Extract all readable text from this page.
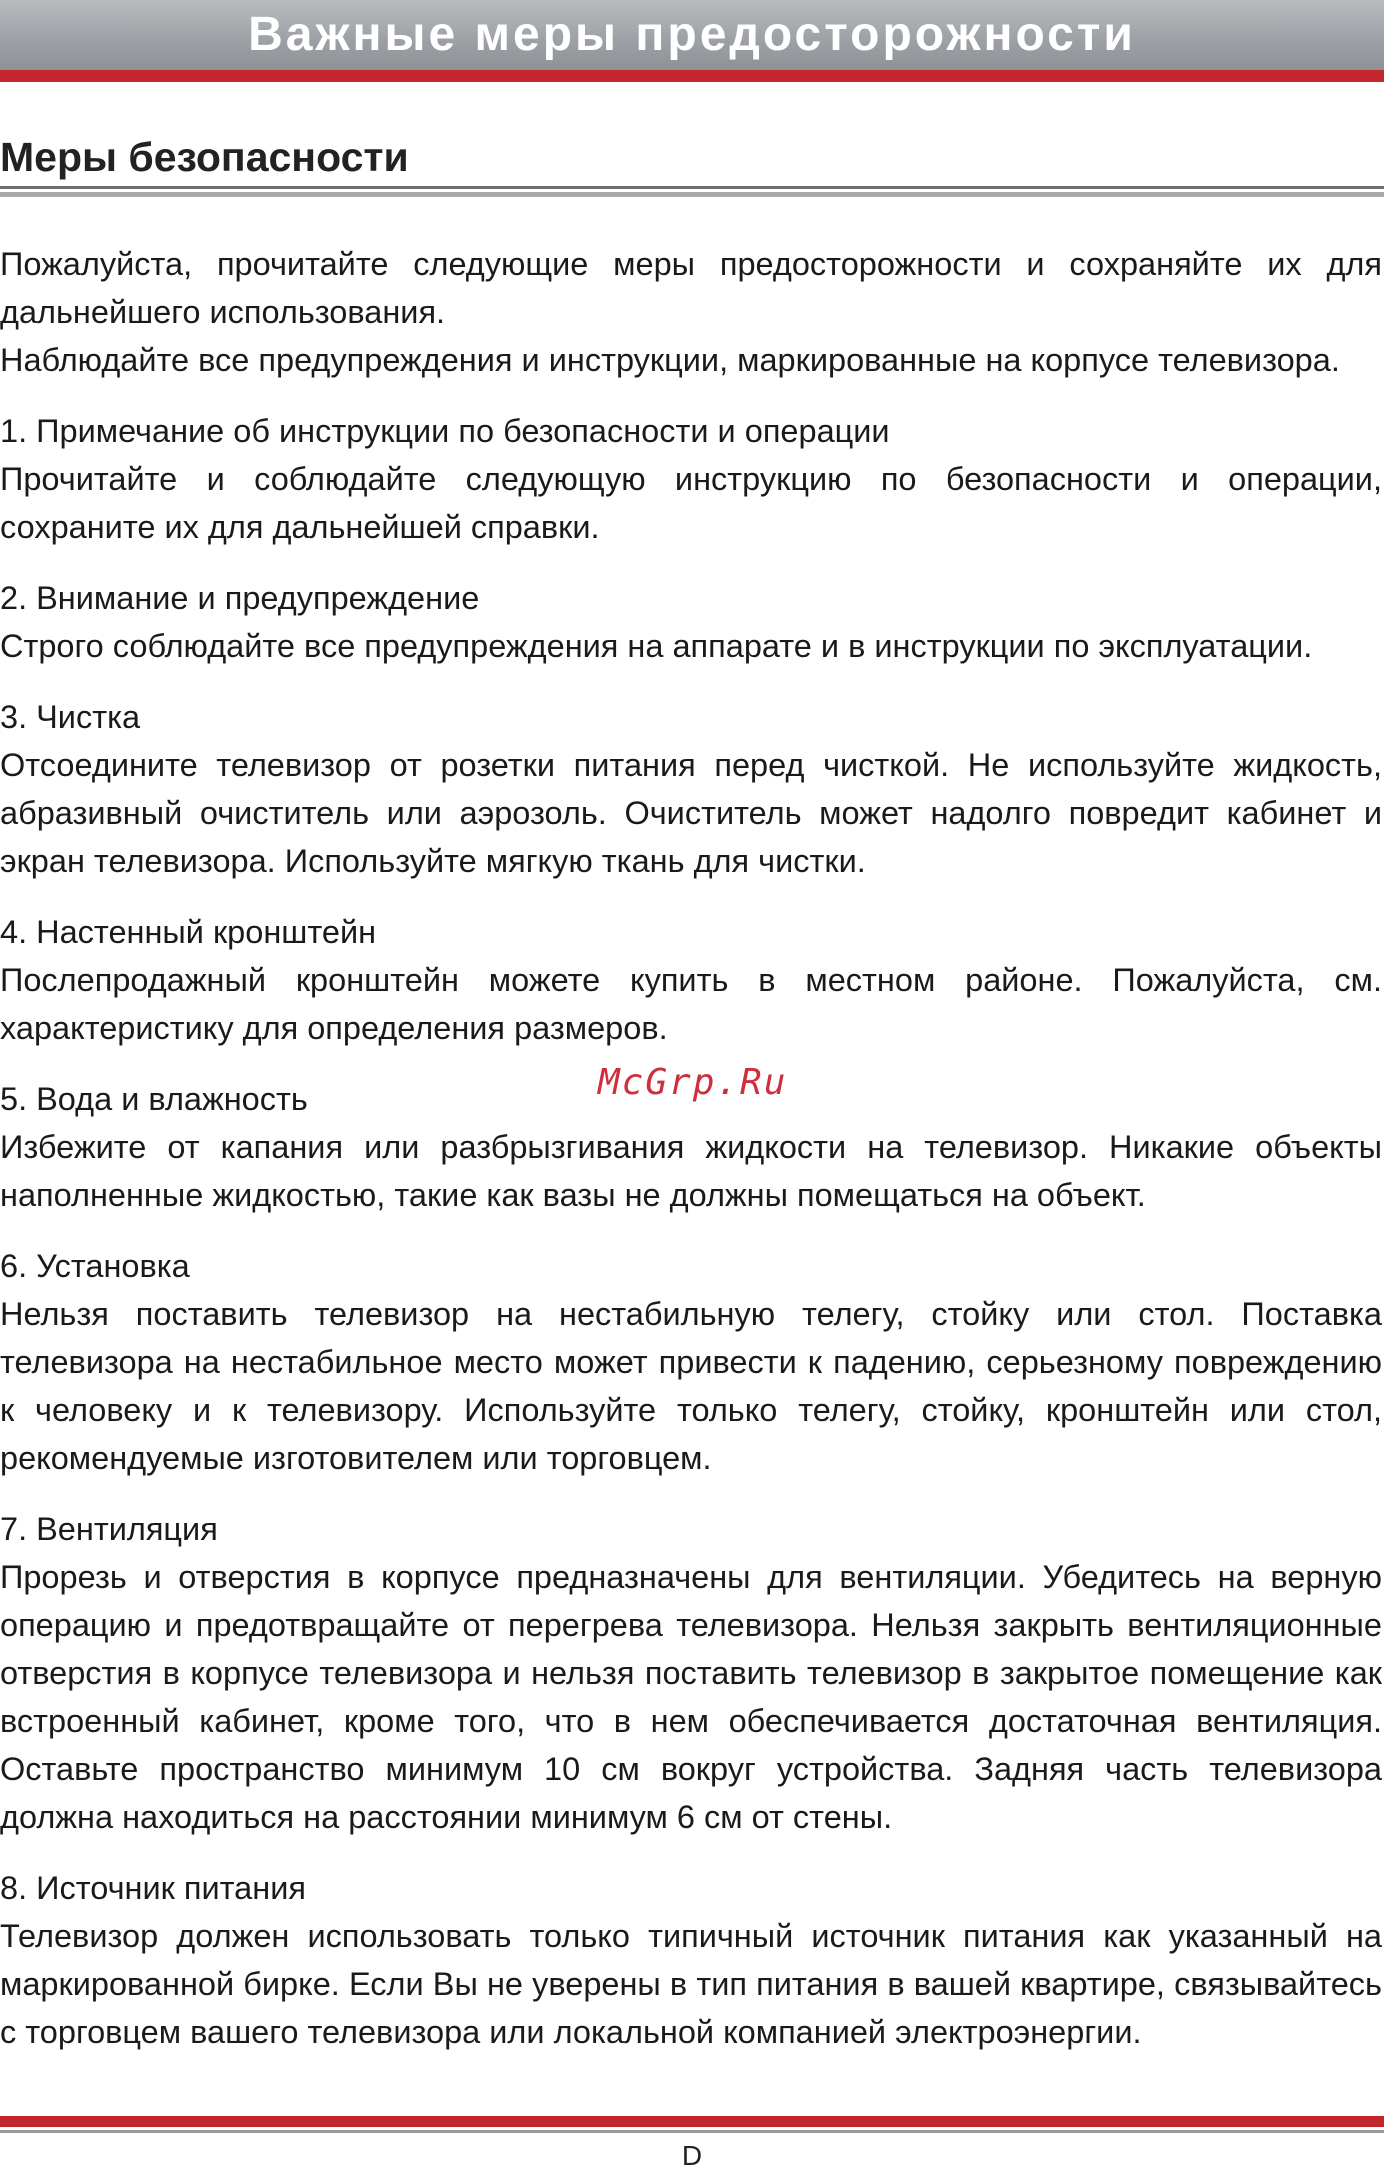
Важные меры предосторожности
Меры безопасности

Пожалуйста, прочитайте следующие меры предосторожности и сохраняйте их для дальнейшего использования.

Наблюдайте все предупреждения и инструкции, маркированные на корпусе телевизора.

1. Примечание об инструкции по безопасности и операции

Прочитайте и соблюдайте следующую инструкцию по безопасности и операции, сохраните их для дальнейшей справки.

2. Внимание и предупреждение

Строго соблюдайте все предупреждения на аппарате и в инструкции по эксплуатации.

3. Чистка

Отсоедините телевизор от розетки питания перед чисткой. Не используйте жидкость, абразивный очиститель или аэрозоль. Очиститель может надолго повредит кабинет и экран телевизора. Используйте мягкую ткань для чистки.

4. Настенный кронштейн

Послепродажный кронштейн можете купить в местном районе. Пожалуйста, см. характеристику для определения размеров.

5. Вода и влажность

Избежите от капания или разбрызгивания жидкости на телевизор. Никакие объекты наполненные жидкостью, такие как вазы не должны помещаться на объект.

6. Установка

Нельзя поставить телевизор на нестабильную телегу, стойку или стол. Поставка телевизора на нестабильное место может привести к падению, серьезному повреждению к человеку и к телевизору. Используйте только телегу, стойку, кронштейн или стол, рекомендуемые изготовителем или торговцем.

7. Вентиляция

Прорезь и отверстия в корпусе предназначены для вентиляции. Убедитесь на верную операцию и предотвращайте от перегрева телевизора. Нельзя закрыть вентиляционные отверстия в корпусе телевизора и нельзя поставить телевизор в закрытое помещение как встроенный кабинет, кроме того, что в нем обеспечивается достаточная вентиляция. Оставьте пространство минимум 10 см вокруг устройства. Задняя часть телевизора должна находиться на расстоянии минимум 6 см от стены.

8. Источник питания

Телевизор должен использовать только типичный источник питания как указанный на маркированной бирке. Если Вы не уверены в тип питания в вашей квартире, связывайтесь с торговцем вашего телевизора или локальной компанией электроэнергии.

McGrp.Ru
D
